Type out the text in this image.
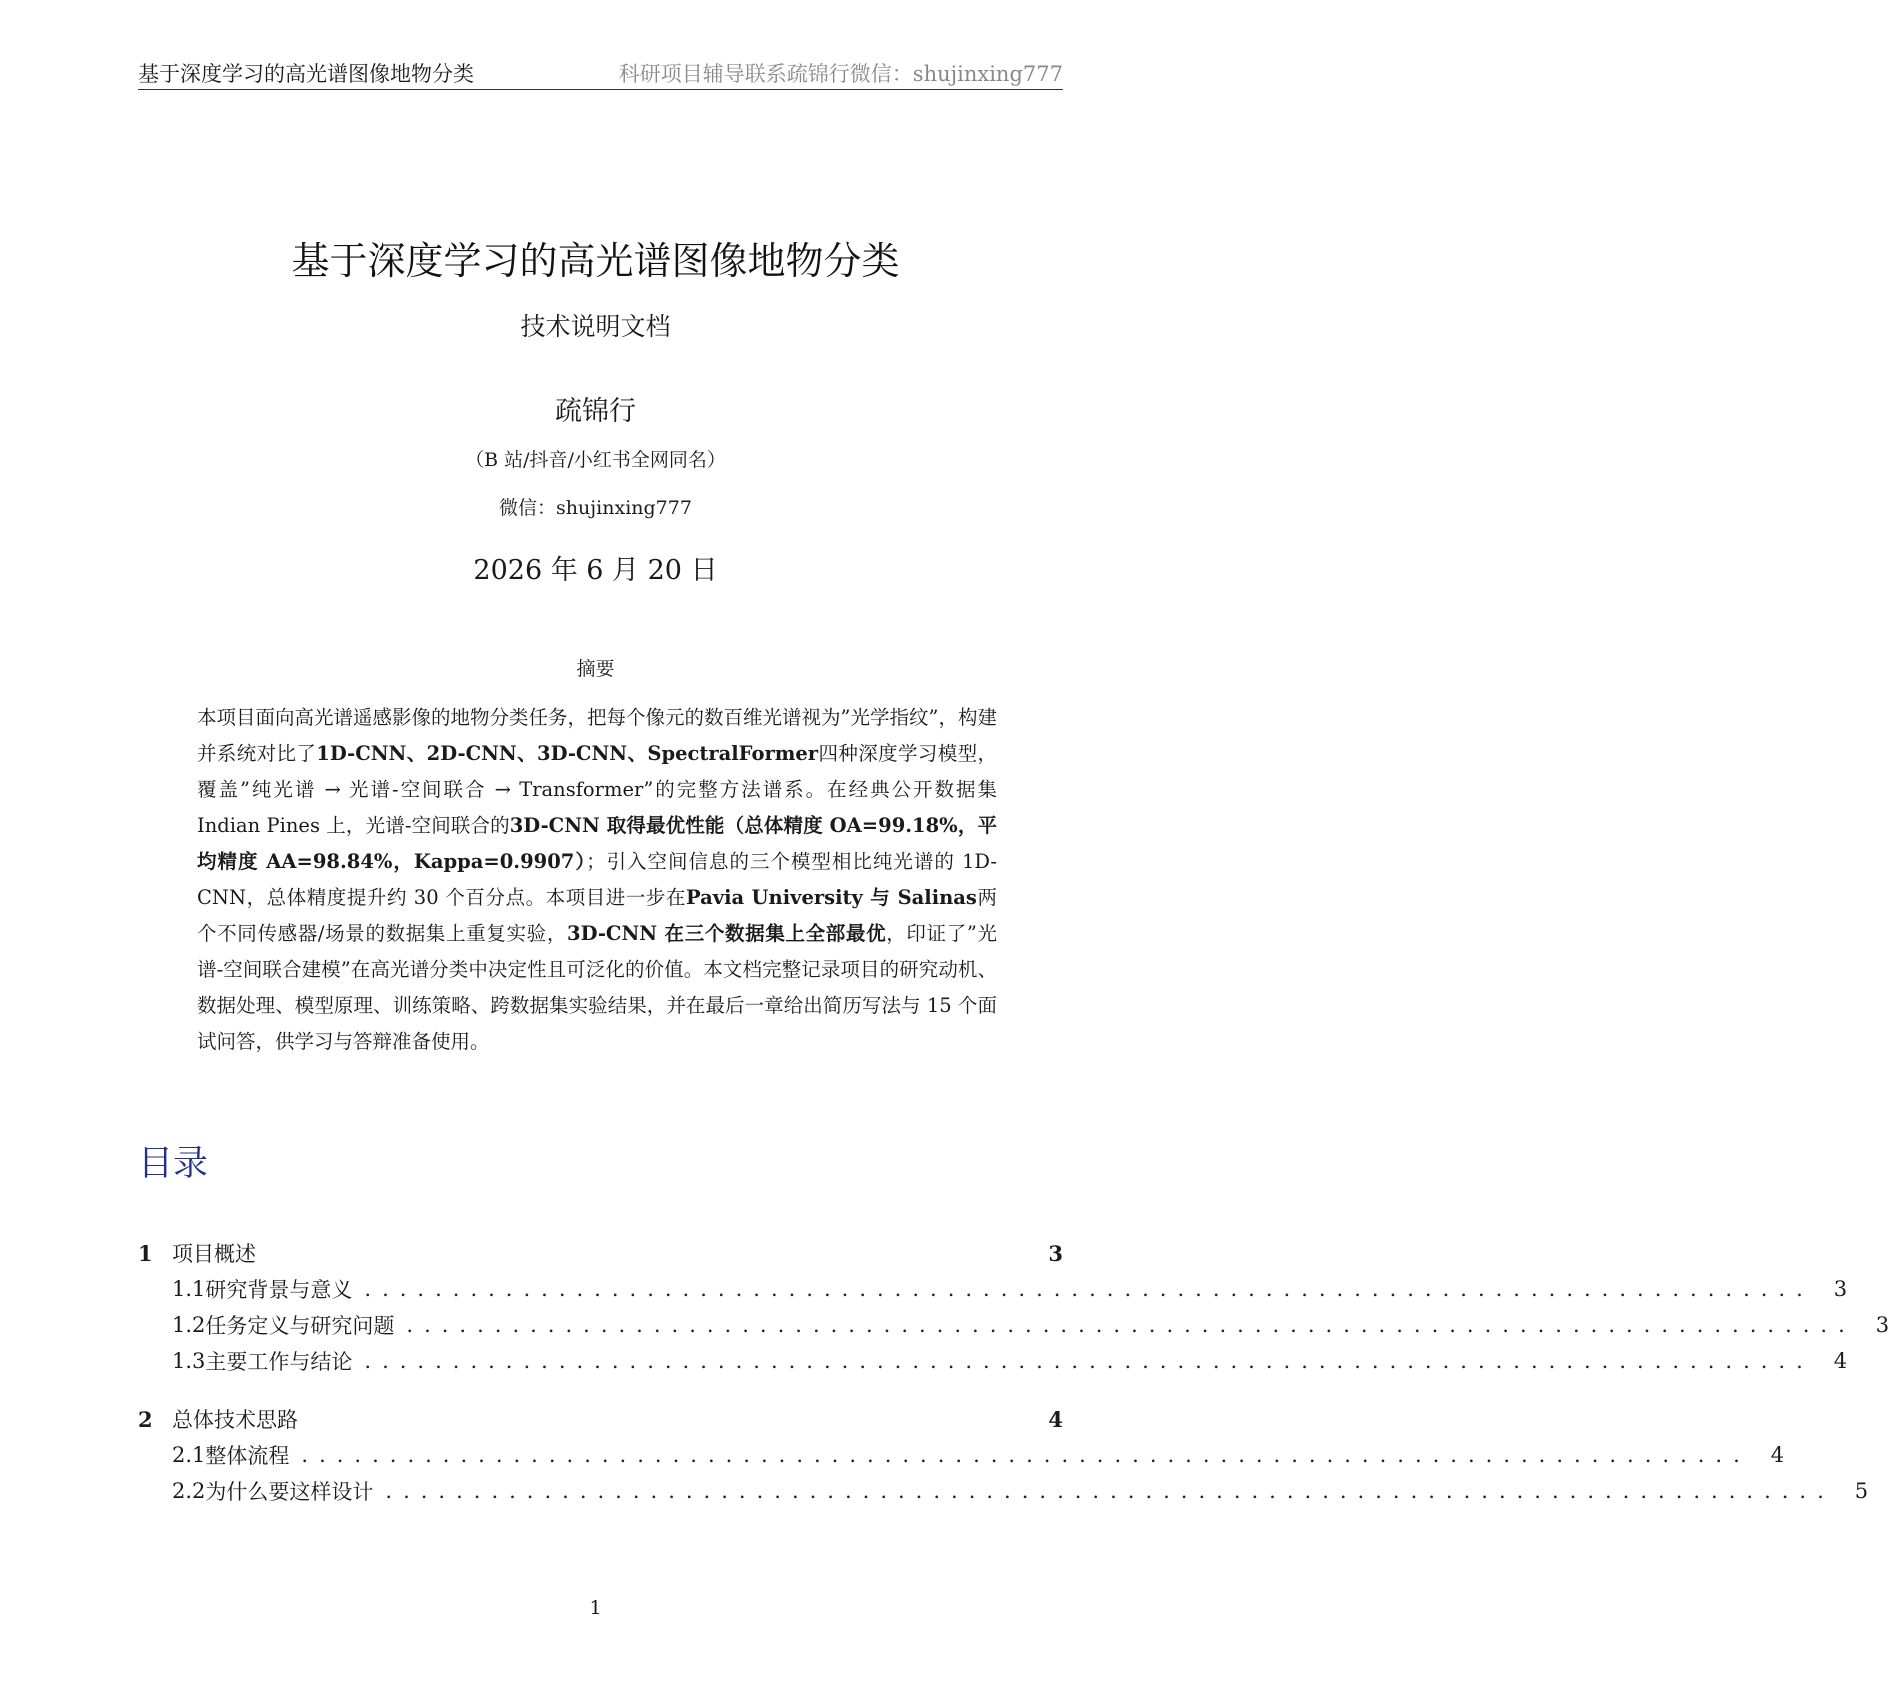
基于深度学习的高光谱图像地物分类	科研项目辅导联系疏锦行微信：shujinxing777
基于深度学习的高光谱图像地物分类
技术说明文档
疏锦行
（B 站/抖音/小红书全网同名）
微信：shujinxing777
2026 年 6 月 20 日
摘要

本项目面向高光谱遥感影像的地物分类任务，把每个像元的数百维光谱视为”光学指纹”，构建并系统对比了1D-CNN、2D-CNN、3D-CNN、SpectralFormer四种深度学习模型，覆盖”纯光谱 → 光谱-空间联合 → Transformer”的完整方法谱系。在经典公开数据集 Indian Pines 上，光谱-空间联合的3D-CNN 取得最优性能（总体精度 OA=99.18%，平均精度 AA=98.84%，Kappa=0.9907）；引入空间信息的三个模型相比纯光谱的 1D-CNN，总体精度提升约 30 个百分点。本项目进一步在Pavia University 与 Salinas两个不同传感器/场景的数据集上重复实验，3D-CNN 在三个数据集上全部最优，印证了”光谱-空间联合建模”在高光谱分类中决定性且可泛化的价值。本文档完整记录项目的研究动机、数据处理、模型原理、训练策略、跨数据集实验结果，并在最后一章给出简历写法与 15 个面试问答，供学习与答辩准备使用。

目录
1 项目概述	3
1.1 研究背景与意义 .................................................................................. 3
1.2 任务定义与研究问题 .................................................................................. 3
1.3 主要工作与结论 .................................................................................. 4
2 总体技术思路	4
2.1 整体流程 .................................................................................. 4
2.2 为什么要这样设计 .................................................................................. 5
1
